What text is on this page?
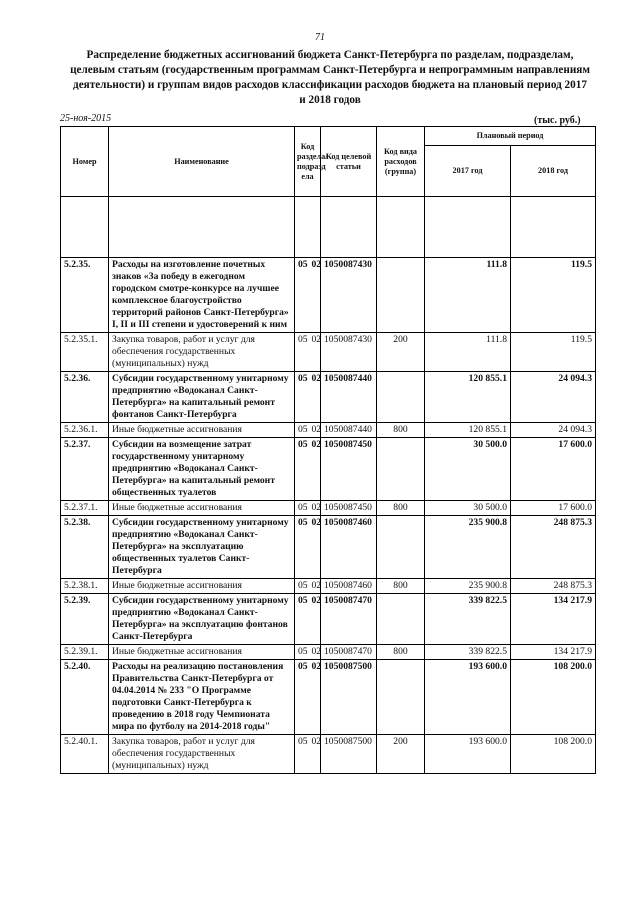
71
Распределение бюджетных ассигнований бюджета Санкт-Петербурга по разделам, подразделам, целевым статьям (государственным программам Санкт-Петербурга и непрограммным направлениям деятельности) и группам видов расходов классификации расходов бюджета на плановый период 2017 и 2018 годов
25-ноя-2015	(тыс. руб.)
Номер	Наименование	Код раздела/подразд ела		Код целевой статьи	Код вида расходов (группа)	Плановый период	
						2017 год	2018 год

5.2.35.	Расходы на изготовление почетных знаков «За победу в ежегодном городском смотре-конкурсе на лучшее комплексное благоустройство территорий районов Санкт-Петербурга» I, II и III степени и удостоверений к ним	05	02	1050087430		111.8	119.5
5.2.35.1.	Закупка товаров, работ и услуг для обеспечения государственных (муниципальных) нужд	05	02	1050087430	200	111.8	119.5
5.2.36.	Субсидии государственному унитарному предприятию «Водоканал Санкт-Петербурга» на капитальный ремонт фонтанов Санкт-Петербурга	05	02	1050087440		120 855.1	24 094.3
5.2.36.1.	Иные бюджетные ассигнования	05	02	1050087440	800	120 855.1	24 094.3
5.2.37.	Субсидии на возмещение затрат государственному унитарному предприятию «Водоканал Санкт-Петербурга» на капитальный ремонт общественных туалетов	05	02	1050087450		30 500.0	17 600.0
5.2.37.1.	Иные бюджетные ассигнования	05	02	1050087450	800	30 500.0	17 600.0
5.2.38.	Субсидии государственному унитарному предприятию «Водоканал Санкт-Петербурга» на эксплуатацию общественных туалетов Санкт-Петербурга	05	02	1050087460		235 900.8	248 875.3
5.2.38.1.	Иные бюджетные ассигнования	05	02	1050087460	800	235 900.8	248 875.3
5.2.39.	Субсидии государственному унитарному предприятию «Водоканал Санкт-Петербурга» на эксплуатацию фонтанов Санкт-Петербурга	05	02	1050087470		339 822.5	134 217.9
5.2.39.1.	Иные бюджетные ассигнования	05	02	1050087470	800	339 822.5	134 217.9
5.2.40.	Расходы на реализацию постановления Правительства Санкт-Петербурга от 04.04.2014 № 233 "О Программе подготовки Санкт-Петербурга к проведению в 2018 году Чемпионата мира по футболу на 2014-2018 годы"	05	02	1050087500		193 600.0	108 200.0
5.2.40.1.	Закупка товаров, работ и услуг для обеспечения государственных (муниципальных) нужд	05	02	1050087500	200	193 600.0	108 200.0
